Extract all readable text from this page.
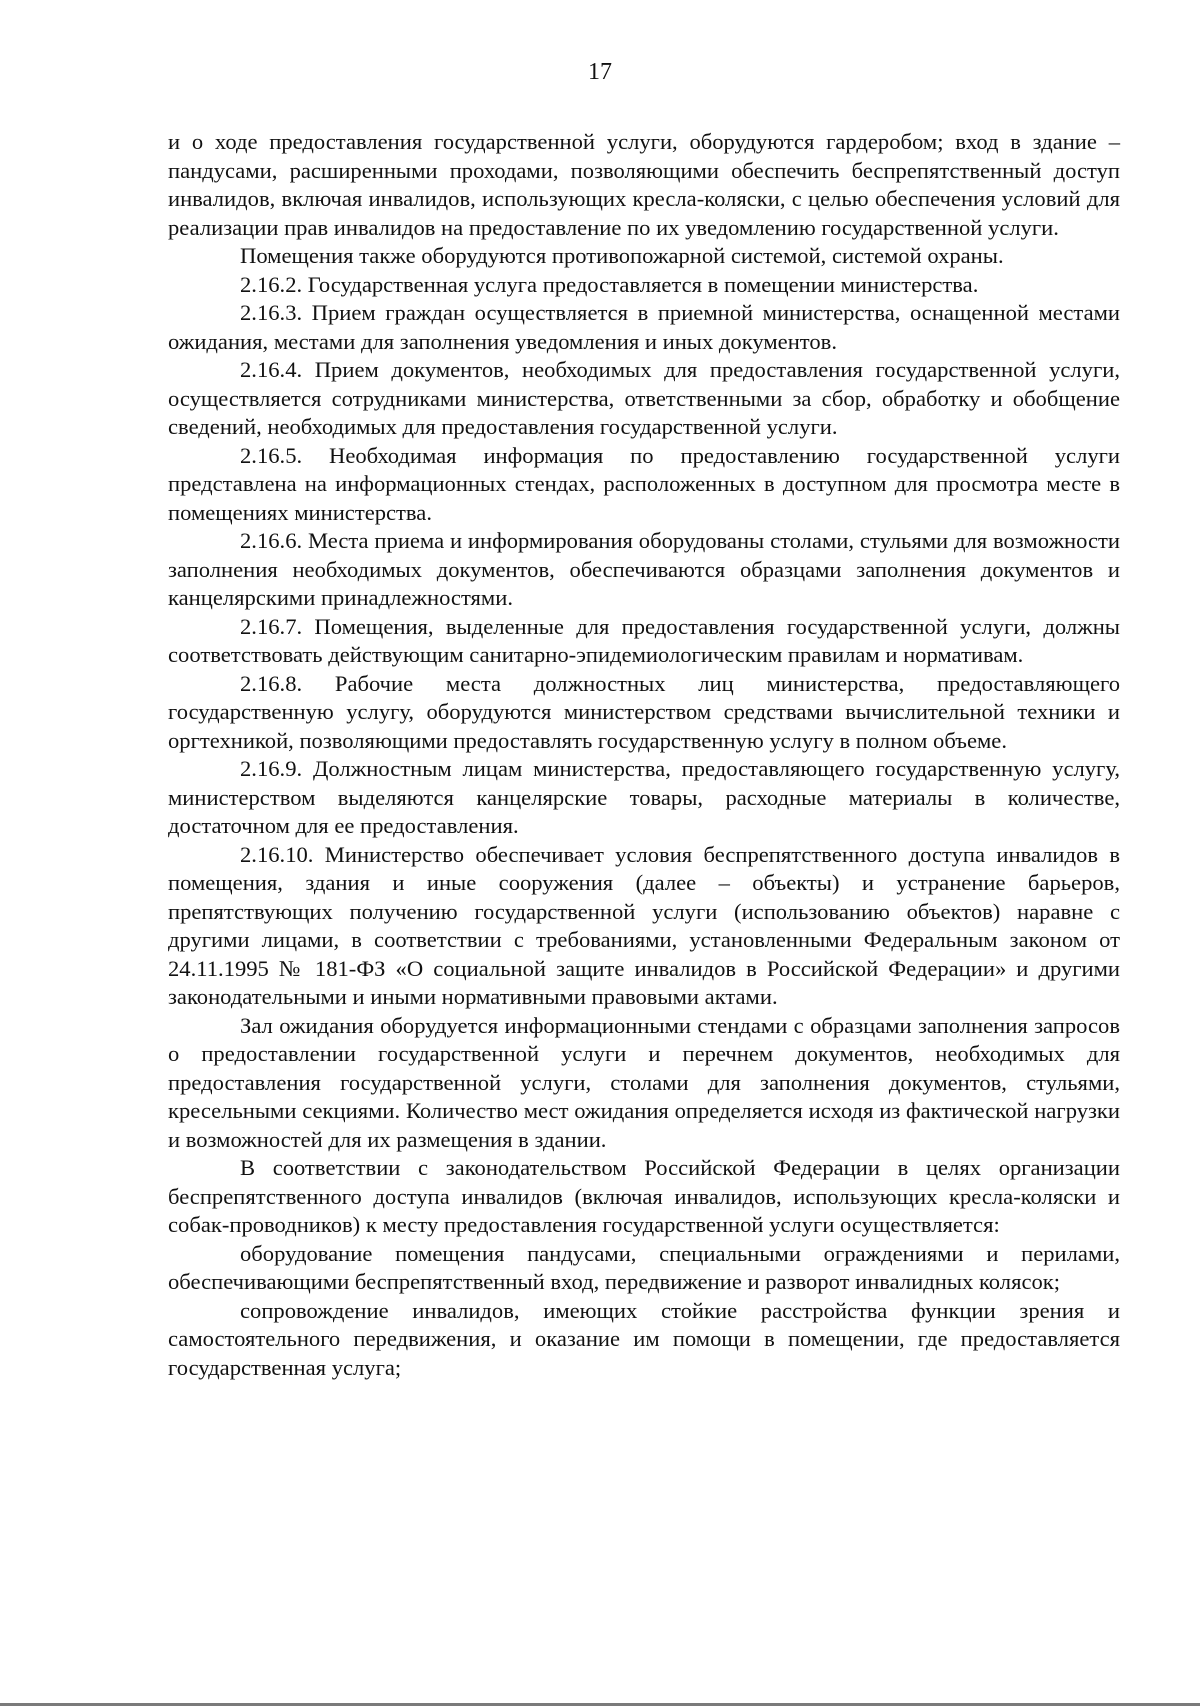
17

и о ходе предоставления государственной услуги, оборудуются гардеробом; вход в здание – пандусами, расширенными проходами, позволяющими обеспечить беспрепятственный доступ инвалидов, включая инвалидов, использующих кресла-коляски, с целью обеспечения условий для реализации прав инвалидов на предоставление по их уведомлению государственной услуги.

Помещения также оборудуются противопожарной системой, системой охраны.

2.16.2. Государственная услуга предоставляется в помещении министерства.

2.16.3. Прием граждан осуществляется в приемной министерства, оснащенной местами ожидания, местами для заполнения уведомления и иных документов.

2.16.4. Прием документов, необходимых для предоставления государственной услуги, осуществляется сотрудниками министерства, ответственными за сбор, обработку и обобщение сведений, необходимых для предоставления государственной услуги.

2.16.5. Необходимая информация по предоставлению государственной услуги представлена на информационных стендах, расположенных в доступном для просмотра месте в помещениях министерства.

2.16.6. Места приема и информирования оборудованы столами, стульями для возможности заполнения необходимых документов, обеспечиваются образцами заполнения документов и канцелярскими принадлежностями.

2.16.7. Помещения, выделенные для предоставления государственной услуги, должны соответствовать действующим санитарно-эпидемиологическим правилам и нормативам.

2.16.8. Рабочие места должностных лиц министерства, предоставляющего государственную услугу, оборудуются министерством средствами вычислительной техники и оргтехникой, позволяющими предоставлять государственную услугу в полном объеме.

2.16.9. Должностным лицам министерства, предоставляющего государственную услугу, министерством выделяются канцелярские товары, расходные материалы в количестве, достаточном для ее предоставления.

2.16.10. Министерство обеспечивает условия беспрепятственного доступа инвалидов в помещения, здания и иные сооружения (далее – объекты) и устранение барьеров, препятствующих получению государственной услуги (использованию объектов) наравне с другими лицами, в соответствии с требованиями, установленными Федеральным законом от 24.11.1995 № 181-ФЗ «О социальной защите инвалидов в Российской Федерации» и другими законодательными и иными нормативными правовыми актами.

Зал ожидания оборудуется информационными стендами с образцами заполнения запросов о предоставлении государственной услуги и перечнем документов, необходимых для предоставления государственной услуги, столами для заполнения документов, стульями, кресельными секциями. Количество мест ожидания определяется исходя из фактической нагрузки и возможностей для их размещения в здании.

В соответствии с законодательством Российской Федерации в целях организации беспрепятственного доступа инвалидов (включая инвалидов, использующих кресла-коляски и собак-проводников) к месту предоставления государственной услуги осуществляется:

оборудование помещения пандусами, специальными ограждениями и перилами, обеспечивающими беспрепятственный вход, передвижение и разворот инвалидных колясок;

сопровождение инвалидов, имеющих стойкие расстройства функции зрения и самостоятельного передвижения, и оказание им помощи в помещении, где предоставляется государственная услуга;
